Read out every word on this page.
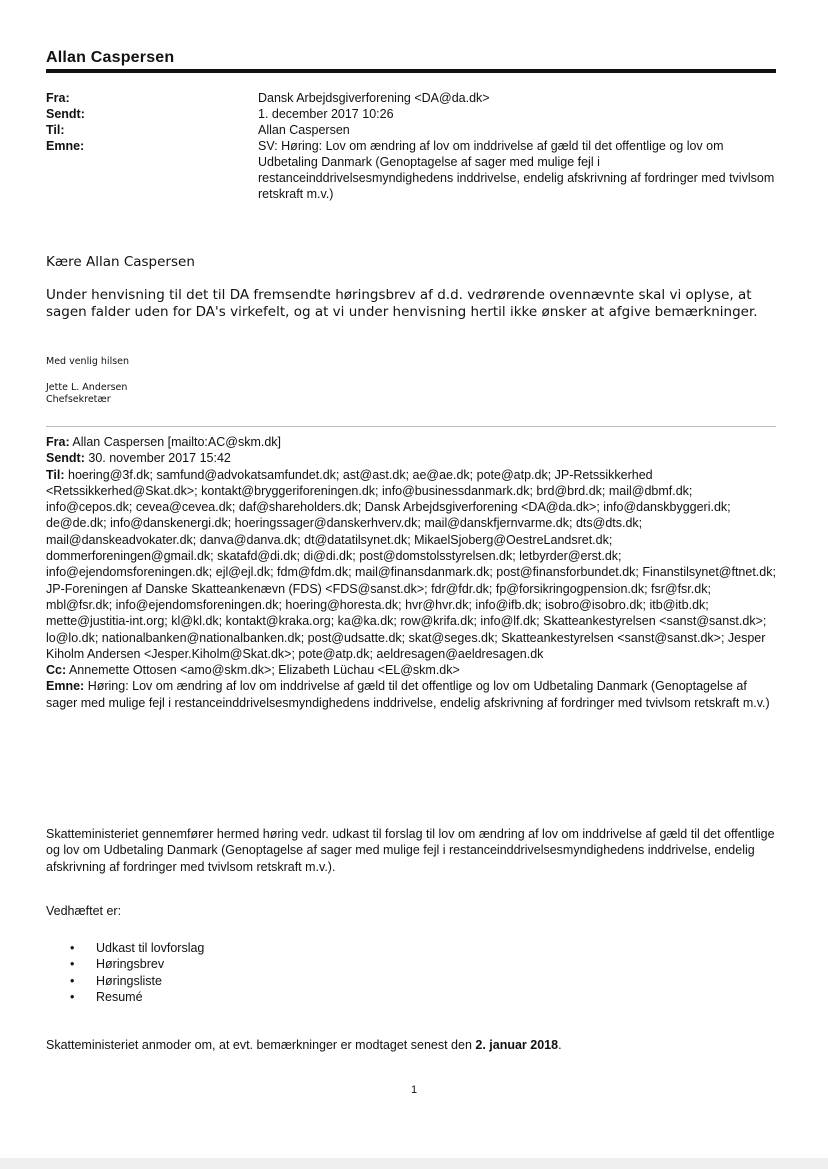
Allan Caspersen
Fra:	Dansk Arbejdsgiverforening <DA@da.dk>
Sendt:	1. december 2017 10:26
Til:	Allan Caspersen
Emne:	SV: Høring: Lov om ændring af lov om inddrivelse af gæld til det offentlige og lov om Udbetaling Danmark (Genoptagelse af sager med mulige fejl i restanceinddrivelsesmyndighedens inddrivelse, endelig afskrivning af fordringer med tvivlsom retskraft m.v.)
Kære Allan Caspersen
Under henvisning til det til DA fremsendte høringsbrev af d.d. vedrørende ovennævnte skal vi oplyse, at sagen falder uden for DA's virkefelt, og at vi under henvisning hertil ikke ønsker at afgive bemærkninger.
Med venlig hilsen
Jette L. Andersen
Chefsekretær

Fra: Allan Caspersen [mailto:AC@skm.dk]

Sendt: 30. november 2017 15:42

Til: hoering@3f.dk; samfund@advokatsamfundet.dk; ast@ast.dk; ae@ae.dk; pote@atp.dk; JP-Retssikkerhed <Retssikkerhed@Skat.dk>; kontakt@bryggeriforeningen.dk; info@businessdanmark.dk; brd@brd.dk; mail@dbmf.dk; info@cepos.dk; cevea@cevea.dk; daf@shareholders.dk; Dansk Arbejdsgiverforening <DA@da.dk>; info@danskbyggeri.dk; de@de.dk; info@danskenergi.dk; hoeringssager@danskerhverv.dk; mail@danskfjernvarme.dk; dts@dts.dk; mail@danskeadvokater.dk; danva@danva.dk; dt@datatilsynet.dk; MikaelSjoberg@OestreLandsret.dk; dommerforeningen@gmail.dk; skatafd@di.dk; di@di.dk; post@domstolsstyrelsen.dk; letbyrder@erst.dk; info@ejendomsforeningen.dk; ejl@ejl.dk; fdm@fdm.dk; mail@finansdanmark.dk; post@finansforbundet.dk; Finanstilsynet@ftnet.dk; JP-Foreningen af Danske Skatteankenævn (FDS) <FDS@sanst.dk>; fdr@fdr.dk; fp@forsikringogpension.dk; fsr@fsr.dk; mbl@fsr.dk; info@ejendomsforeningen.dk; hoering@horesta.dk; hvr@hvr.dk; info@ifb.dk; isobro@isobro.dk; itb@itb.dk; mette@justitia-int.org; kl@kl.dk; kontakt@kraka.org; ka@ka.dk; row@krifa.dk; info@lf.dk; Skatteankestyrelsen <sanst@sanst.dk>; lo@lo.dk; nationalbanken@nationalbanken.dk; post@udsatte.dk; skat@seges.dk; Skatteankestyrelsen <sanst@sanst.dk>; Jesper Kiholm Andersen <Jesper.Kiholm@Skat.dk>; pote@atp.dk; aeldresagen@aeldresagen.dk

Cc: Annemette Ottosen <amo@skm.dk>; Elizabeth Lüchau <EL@skm.dk>

Emne: Høring: Lov om ændring af lov om inddrivelse af gæld til det offentlige og lov om Udbetaling Danmark (Genoptagelse af sager med mulige fejl i restanceinddrivelsesmyndighedens inddrivelse, endelig afskrivning af fordringer med tvivlsom retskraft m.v.)

Skatteministeriet gennemfører hermed høring vedr. udkast til forslag til lov om ændring af lov om inddrivelse af gæld til det offentlige og lov om Udbetaling Danmark (Genoptagelse af sager med mulige fejl i restanceinddrivelsesmyndighedens inddrivelse, endelig afskrivning af fordringer med tvivlsom retskraft m.v.).
Vedhæftet er:
•	Udkast til lovforslag
•	Høringsbrev
•	Høringsliste
•	Resumé
Skatteministeriet anmoder om, at evt. bemærkninger er modtaget senest den 2. januar 2018.
1
